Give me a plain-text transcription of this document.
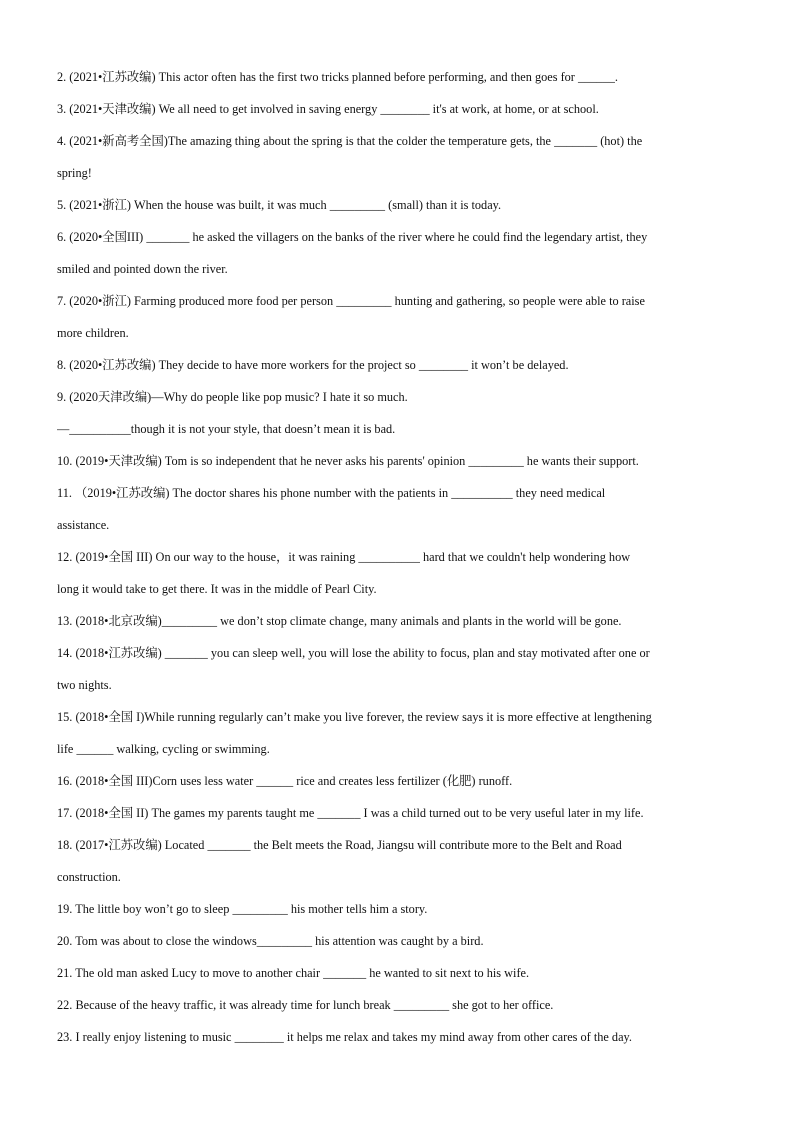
2. (2021•江苏改编) This actor often has the first two tricks planned before performing, and then goes for ______.
3. (2021•天津改编) We all need to get involved in saving energy ________ it's at work, at home, or at school.
4. (2021•新高考全国)The amazing thing about the spring is that the colder the temperature gets, the _______ (hot) the
spring!
5. (2021•浙江) When the house was built, it was much _________ (small) than it is today.
6. (2020•全国III) _______ he asked the villagers on the banks of the river where he could find the legendary artist, they
smiled and pointed down the river.
7. (2020•浙江) Farming produced more food per person _________ hunting and gathering, so people were able to raise
more children.
8. (2020•江苏改编) They decide to have more workers for the project so ________ it won’t be delayed.
9. (2020天津改编)—Why do people like pop music? I hate it so much.
—__________though it is not your style, that doesn’t mean it is bad.
10. (2019•天津改编) Tom is so independent that he never asks his parents' opinion _________ he wants their support.
11. （2019•江苏改编) The doctor shares his phone number with the patients in __________ they need medical
assistance.
12. (2019•全国 III) On our way to the house，it was raining __________ hard that we couldn't help wondering how
long it would take to get there. It was in the middle of Pearl City.
13. (2018•北京改编)_________ we don’t stop climate change, many animals and plants in the world will be gone.
14. (2018•江苏改编) _______ you can sleep well, you will lose the ability to focus, plan and stay motivated after one or
two nights.
15. (2018•全国 I)While running regularly can’t make you live forever, the review says it is more effective at lengthening
life ______ walking, cycling or swimming.
16. (2018•全国 III)Corn uses less water ______ rice and creates less fertilizer (化肥) runoff.
17. (2018•全国 II) The games my parents taught me _______ I was a child turned out to be very useful later in my life.
18. (2017•江苏改编) Located _______ the Belt meets the Road, Jiangsu will contribute more to the Belt and Road
construction.
19. The little boy won’t go to sleep _________ his mother tells him a story.
20. Tom was about to close the windows_________ his attention was caught by a bird.
21. The old man asked Lucy to move to another chair _______ he wanted to sit next to his wife.
22. Because of the heavy traffic, it was already time for lunch break _________ she got to her office.
23. I really enjoy listening to music ________ it helps me relax and takes my mind away from other cares of the day.
